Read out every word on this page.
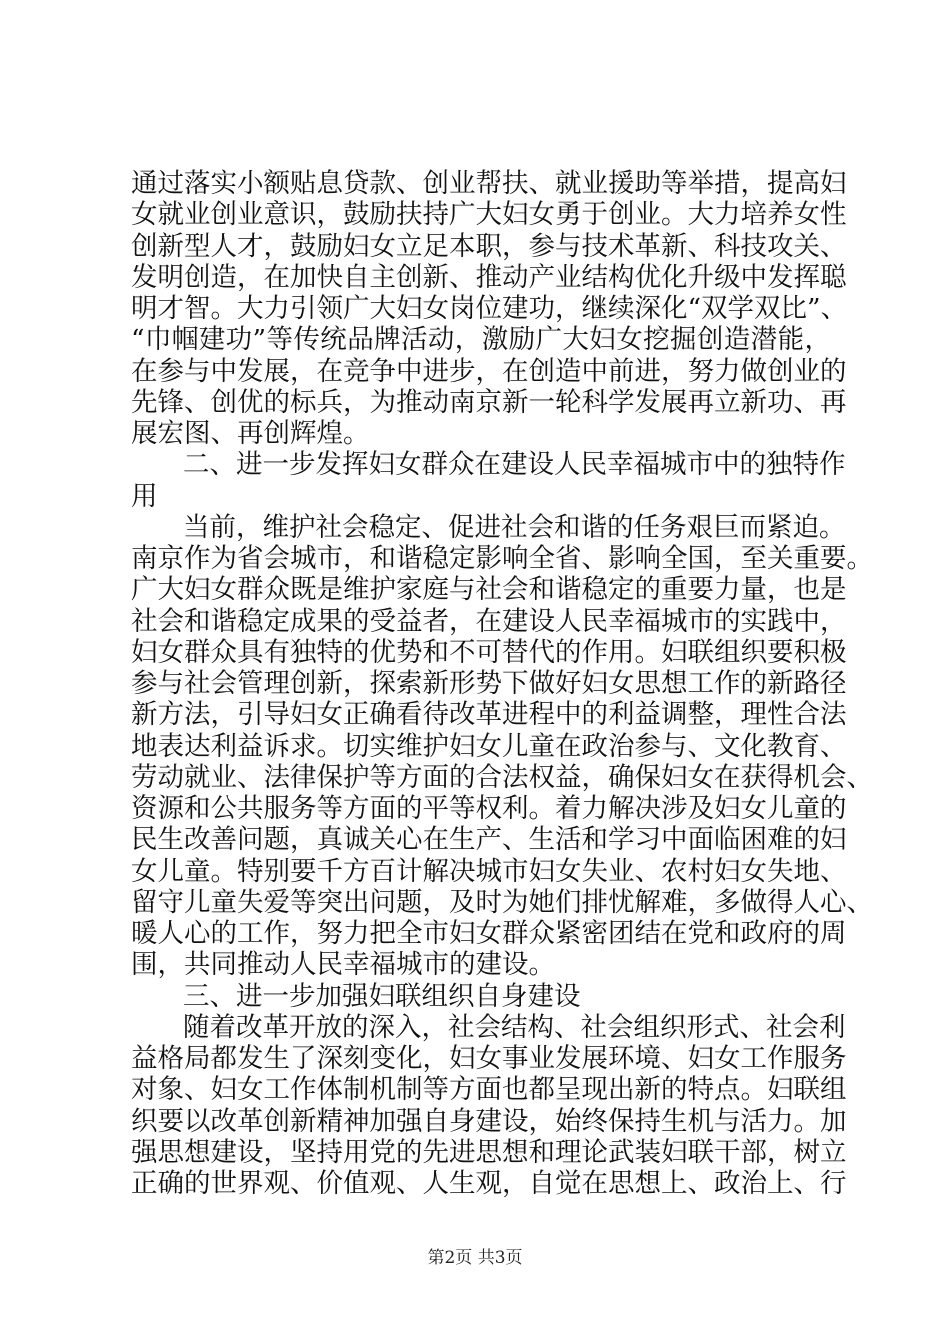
通过落实小额贴息贷款、创业帮扶、就业援助等举措，提高妇
女就业创业意识，鼓励扶持广大妇女勇于创业。大力培养女性
创新型人才，鼓励妇女立足本职，参与技术革新、科技攻关、
发明创造，在加快自主创新、推动产业结构优化升级中发挥聪
明才智。大力引领广大妇女岗位建功，继续深化“双学双比”、
“巾帼建功”等传统品牌活动，激励广大妇女挖掘创造潜能，
在参与中发展，在竞争中进步，在创造中前进，努力做创业的
先锋、创优的标兵，为推动南京新一轮科学发展再立新功、再
展宏图、再创辉煌。
二、进一步发挥妇女群众在建设人民幸福城市中的独特作
用
当前，维护社会稳定、促进社会和谐的任务艰巨而紧迫。
南京作为省会城市，和谐稳定影响全省、影响全国，至关重要。
广大妇女群众既是维护家庭与社会和谐稳定的重要力量，也是
社会和谐稳定成果的受益者，在建设人民幸福城市的实践中，
妇女群众具有独特的优势和不可替代的作用。妇联组织要积极
参与社会管理创新，探索新形势下做好妇女思想工作的新路径
新方法，引导妇女正确看待改革进程中的利益调整，理性合法
地表达利益诉求。切实维护妇女儿童在政治参与、文化教育、
劳动就业、法律保护等方面的合法权益，确保妇女在获得机会、
资源和公共服务等方面的平等权利。着力解决涉及妇女儿童的
民生改善问题，真诚关心在生产、生活和学习中面临困难的妇
女儿童。特别要千方百计解决城市妇女失业、农村妇女失地、
留守儿童失爱等突出问题，及时为她们排忧解难，多做得人心、
暖人心的工作，努力把全市妇女群众紧密团结在党和政府的周
围，共同推动人民幸福城市的建设。
三、进一步加强妇联组织自身建设
随着改革开放的深入，社会结构、社会组织形式、社会利
益格局都发生了深刻变化，妇女事业发展环境、妇女工作服务
对象、妇女工作体制机制等方面也都呈现出新的特点。妇联组
织要以改革创新精神加强自身建设，始终保持生机与活力。加
强思想建设，坚持用党的先进思想和理论武装妇联干部，树立
正确的世界观、价值观、人生观，自觉在思想上、政治上、行
第2页 共3页
